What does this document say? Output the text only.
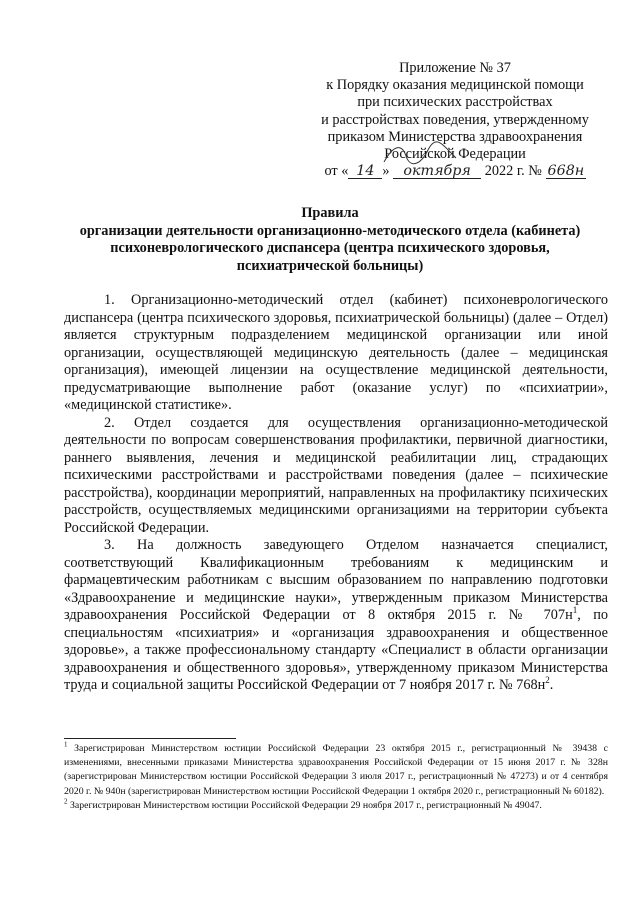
Приложение № 37
к Порядку оказания медицинской помощи
при психических расстройствах
и расстройствах поведения, утвержденному
приказом Министерства здравоохранения
Российской Федерации
от « 14 » октября 2022 г. № 668н
Правила
организации деятельности организационно-методического отдела (кабинета)
психоневрологического диспансера (центра психического здоровья,
психиатрической больницы)

1. Организационно-методический отдел (кабинет) психоневрологического диспансера (центра психического здоровья, психиатрической больницы) (далее – Отдел) является структурным подразделением медицинской организации или иной организации, осуществляющей медицинскую деятельность (далее – медицинская организация), имеющей лицензии на осуществление медицинской деятельности, предусматривающие выполнение работ (оказание услуг) по «психиатрии», «медицинской статистике».

2. Отдел создается для осуществления организационно-методической деятельности по вопросам совершенствования профилактики, первичной диагностики, раннего выявления, лечения и медицинской реабилитации лиц, страдающих психическими расстройствами и расстройствами поведения (далее – психические расстройства), координации мероприятий, направленных на профилактику психических расстройств, осуществляемых медицинскими организациями на территории субъекта Российской Федерации.

3. На должность заведующего Отделом назначается специалист, соответствующий Квалификационным требованиям к медицинским и фармацевтическим работникам с высшим образованием по направлению подготовки «Здравоохранение и медицинские науки», утвержденным приказом Министерства здравоохранения Российской Федерации от 8 октября 2015 г. № $707н^1$, по специальностям «психиатрия» и «организация здравоохранения и общественное здоровье», а также профессиональному стандарту «Специалист в области организации здравоохранения и общественного здоровья», утвержденному приказом Министерства труда и социальной защиты Российской Федерации от 7 ноября 2017 г. № $768н^2$.

$^1$ Зарегистрирован Министерством юстиции Российской Федерации 23 октября 2015 г., регистрационный № 39438 с изменениями, внесенными приказами Министерства здравоохранения Российской Федерации от 15 июня 2017 г. № 328н (зарегистрирован Министерством юстиции Российской Федерации 3 июля 2017 г., регистрационный № 47273) и от 4 сентября 2020 г. № 940н (зарегистрирован Министерством юстиции Российской Федерации 1 октября 2020 г., регистрационный № 60182).

$^2$ Зарегистрирован Министерством юстиции Российской Федерации 29 ноября 2017 г., регистрационный № 49047.
